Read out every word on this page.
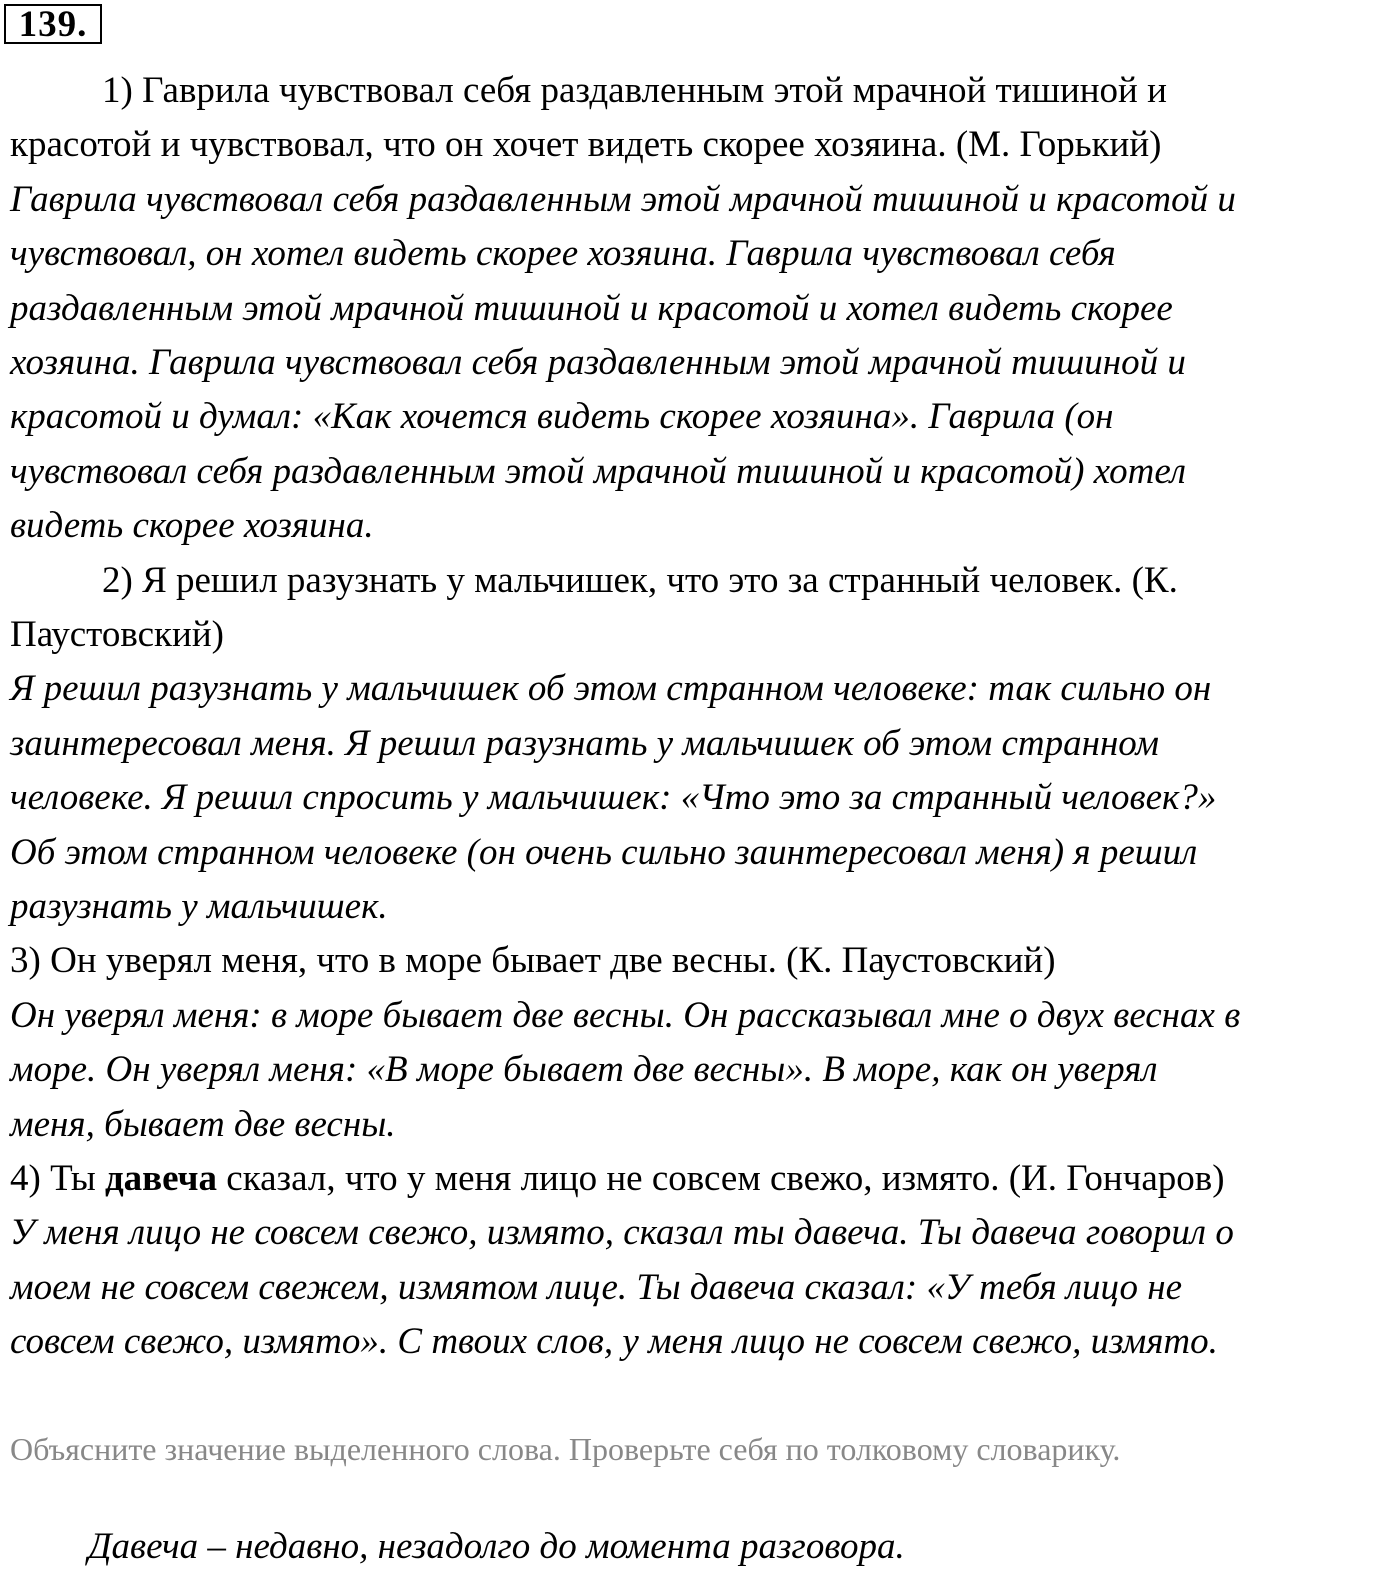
139.
1) Гаврила чувствовал себя раздавленным этой мрачной тишиной и
красотой и чувствовал, что он хочет видеть скорее хозяина. (М. Горький)
Гаврила чувствовал себя раздавленным этой мрачной тишиной и красотой и
чувствовал, он хотел видеть скорее хозяина. Гаврила чувствовал себя
раздавленным этой мрачной тишиной и красотой и хотел видеть скорее
хозяина. Гаврила чувствовал себя раздавленным этой мрачной тишиной и
красотой и думал: «Как хочется видеть скорее хозяина». Гаврила (он
чувствовал себя раздавленным этой мрачной тишиной и красотой) хотел
видеть скорее хозяина.
2) Я решил разузнать у мальчишек, что это за странный человек. (К.
Паустовский)
Я решил разузнать у мальчишек об этом странном человеке: так сильно он
заинтересовал меня. Я решил разузнать у мальчишек об этом странном
человеке. Я решил спросить у мальчишек: «Что это за странный человек?»
Об этом странном человеке (он очень сильно заинтересовал меня) я решил
разузнать у мальчишек.
3) Он уверял меня, что в море бывает две весны. (К. Паустовский)
Он уверял меня: в море бывает две весны. Он рассказывал мне о двух веснах в
море. Он уверял меня: «В море бывает две весны». В море, как он уверял
меня, бывает две весны.
4) Ты давеча сказал, что у меня лицо не совсем свежо, измято. (И. Гончаров)
У меня лицо не совсем свежо, измято, сказал ты давеча. Ты давеча говорил о
моем не совсем свежем, измятом лице. Ты давеча сказал: «У тебя лицо не
совсем свежо, измято». С твоих слов, у меня лицо не совсем свежо, измято.
Объясните значение выделенного слова. Проверьте себя по толковому словарику.
Давеча – недавно, незадолго до момента разговора.
